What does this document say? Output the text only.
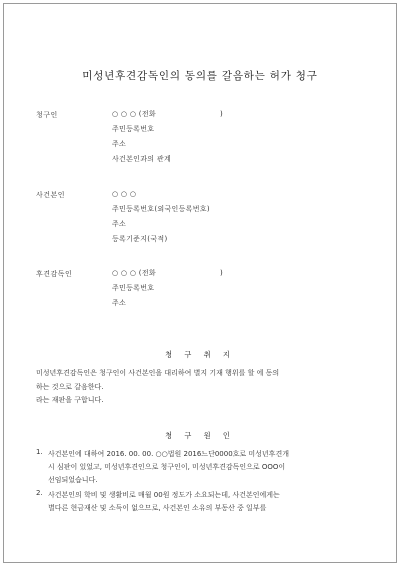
미성년후견감독인의 동의를 갈음하는 허가 청구
청구인	○ ○ ○ (전화
주민등록번호
주소
사건본인과의 관계
)
사건본인	○ ○ ○
주민등록번호(외국인등록번호)
주소
등록기준지(국적)
후견감독인	○ ○ ○ (전화
주민등록번호
주소
)
청 구 취 지
미성년후견감독인은 청구인이 사건본인을 대리하여 별지 기재 행위를 할 에 동의
하는 것으로 갈음한다.
라는 재판을 구합니다.
청 구 원 인
1. 사건본인에 대하여 2016. 00. 00. ○○법원 2016느단0000호로 미성년후견개
시 심판이 있었고, 미성년후견인으로 청구인이, 미성년후견감독인으로 OOO이
선임되었습니다.
2. 사건본인의 학비 및 생활비로 매월 00원 정도가 소요되는데, 사건본인에게는
별다른 현금재산 및 소득이 없으므로, 사건본인 소유의 부동산 중 일부를
